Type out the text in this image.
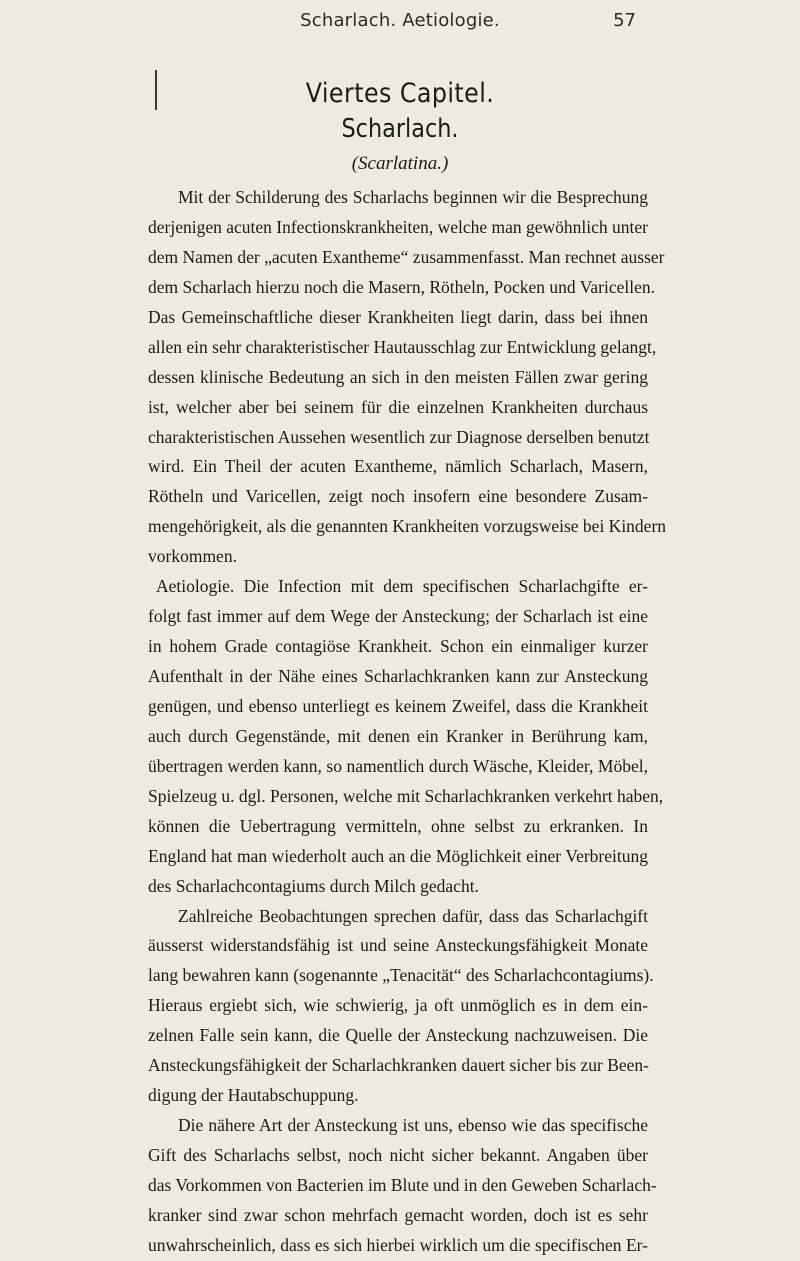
Scharlach. Aetiologie.	57
Viertes Capitel.
Scharlach.
(Scarlatina.)
Mit der Schilderung des Scharlachs beginnen wir die Besprechung
derjenigen acuten Infectionskrankheiten, welche man gewöhnlich unter
dem Namen der „acuten Exantheme“ zusammenfasst. Man rechnet ausser
dem Scharlach hierzu noch die Masern, Rötheln, Pocken und Varicellen.
Das Gemeinschaftliche dieser Krankheiten liegt darin, dass bei ihnen
allen ein sehr charakteristischer Hautausschlag zur Entwicklung gelangt,
dessen klinische Bedeutung an sich in den meisten Fällen zwar gering
ist, welcher aber bei seinem für die einzelnen Krankheiten durchaus
charakteristischen Aussehen wesentlich zur Diagnose derselben benutzt
wird. Ein Theil der acuten Exantheme, nämlich Scharlach, Masern,
Rötheln und Varicellen, zeigt noch insofern eine besondere Zusam-
mengehörigkeit, als die genannten Krankheiten vorzugsweise bei Kindern
vorkommen.
Aetiologie. Die Infection mit dem specifischen Scharlachgifte er-
folgt fast immer auf dem Wege der Ansteckung; der Scharlach ist eine
in hohem Grade contagiöse Krankheit. Schon ein einmaliger kurzer
Aufenthalt in der Nähe eines Scharlachkranken kann zur Ansteckung
genügen, und ebenso unterliegt es keinem Zweifel, dass die Krankheit
auch durch Gegenstände, mit denen ein Kranker in Berührung kam,
übertragen werden kann, so namentlich durch Wäsche, Kleider, Möbel,
Spielzeug u. dgl. Personen, welche mit Scharlachkranken verkehrt haben,
können die Uebertragung vermitteln, ohne selbst zu erkranken. In
England hat man wiederholt auch an die Möglichkeit einer Verbreitung
des Scharlachcontagiums durch Milch gedacht.
Zahlreiche Beobachtungen sprechen dafür, dass das Scharlachgift
äusserst widerstandsfähig ist und seine Ansteckungsfähigkeit Monate
lang bewahren kann (sogenannte „Tenacität“ des Scharlachcontagiums).
Hieraus ergiebt sich, wie schwierig, ja oft unmöglich es in dem ein-
zelnen Falle sein kann, die Quelle der Ansteckung nachzuweisen. Die
Ansteckungsfähigkeit der Scharlachkranken dauert sicher bis zur Been-
digung der Hautabschuppung.
Die nähere Art der Ansteckung ist uns, ebenso wie das specifische
Gift des Scharlachs selbst, noch nicht sicher bekannt. Angaben über
das Vorkommen von Bacterien im Blute und in den Geweben Scharlach-
kranker sind zwar schon mehrfach gemacht worden, doch ist es sehr
unwahrscheinlich, dass es sich hierbei wirklich um die specifischen Er-
